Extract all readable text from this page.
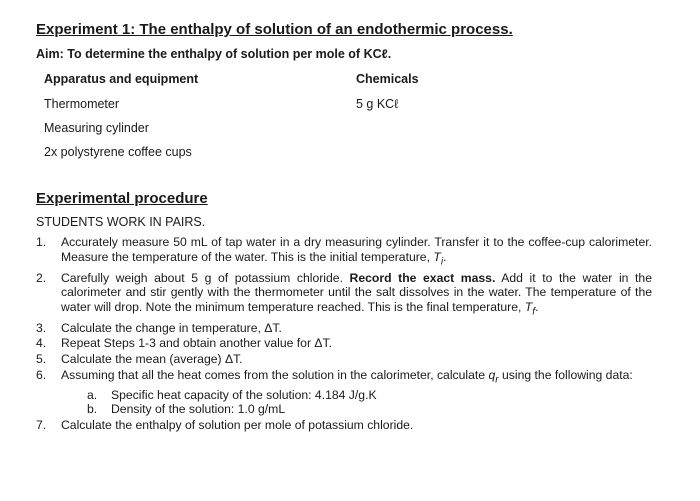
Experiment 1: The enthalpy of solution of an endothermic process.
Aim: To determine the enthalpy of solution per mole of KCℓ.
Apparatus and equipment	Chemicals
Thermometer	5 g KCℓ
Measuring cylinder
2x polystyrene coffee cups
Experimental procedure
STUDENTS WORK IN PAIRS.
1.	Accurately measure 50 mL of tap water in a dry measuring cylinder. Transfer it to the coffee-cup calorimeter. Measure the temperature of the water. This is the initial temperature, $T_i$.
2.	Carefully weigh about 5 g of potassium chloride. Record the exact mass. Add it to the water in the calorimeter and stir gently with the thermometer until the salt dissolves in the water. The temperature of the water will drop. Note the minimum temperature reached. This is the final temperature, $T_f$.
3.	Calculate the change in temperature, ΔT.
4.	Repeat Steps 1-3 and obtain another value for ΔT.
5.	Calculate the mean (average) ΔT.
6.	Assuming that all the heat comes from the solution in the calorimeter, calculate $q_r$ using the following data:
a.	Specific heat capacity of the solution: 4.184 J/g.K
b.	Density of the solution: 1.0 g/mL
7.	Calculate the enthalpy of solution per mole of potassium chloride.
